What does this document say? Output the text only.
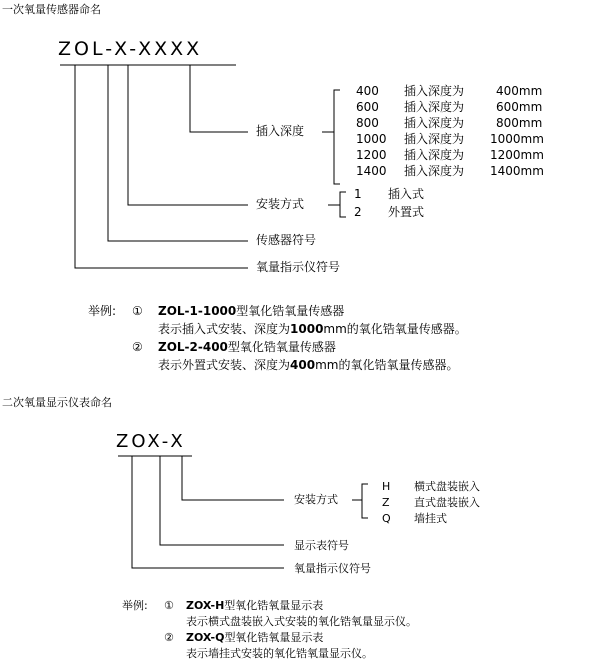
一次氧量传感器命名
ZOL-X-XXXX
插入深度
400 插入深度为	400mm
600 插入深度为	600mm
800 插入深度为	800mm
1000 插入深度为 1000mm
1200 插入深度为 1200mm
1400 插入深度为 1400mm
安装方式
1 插入式
2 外置式
传感器符号
氧量指示仪符号
举例: ① ZOL-1-1000型氧化锆氧量传感器
表示插入式安装、深度为1000mm的氧化锆氧量传感器。
② ZOL-2-400型氧化锆氧量传感器
表示外置式安装、深度为400mm的氧化锆氧量传感器。
二次氧量显示仪表命名
ZOX-X
安装方式
H 横式盘装嵌入
Z 直式盘装嵌入
Q 墙挂式
显示表符号
氧量指示仪符号
举例: ① ZOX-H型氧化锆氧量显示表
表示横式盘装嵌入式安装的氧化锆氧量显示仪。
② ZOX-Q型氧化锆氧量显示表
表示墙挂式安装的氧化锆氧量显示仪。
